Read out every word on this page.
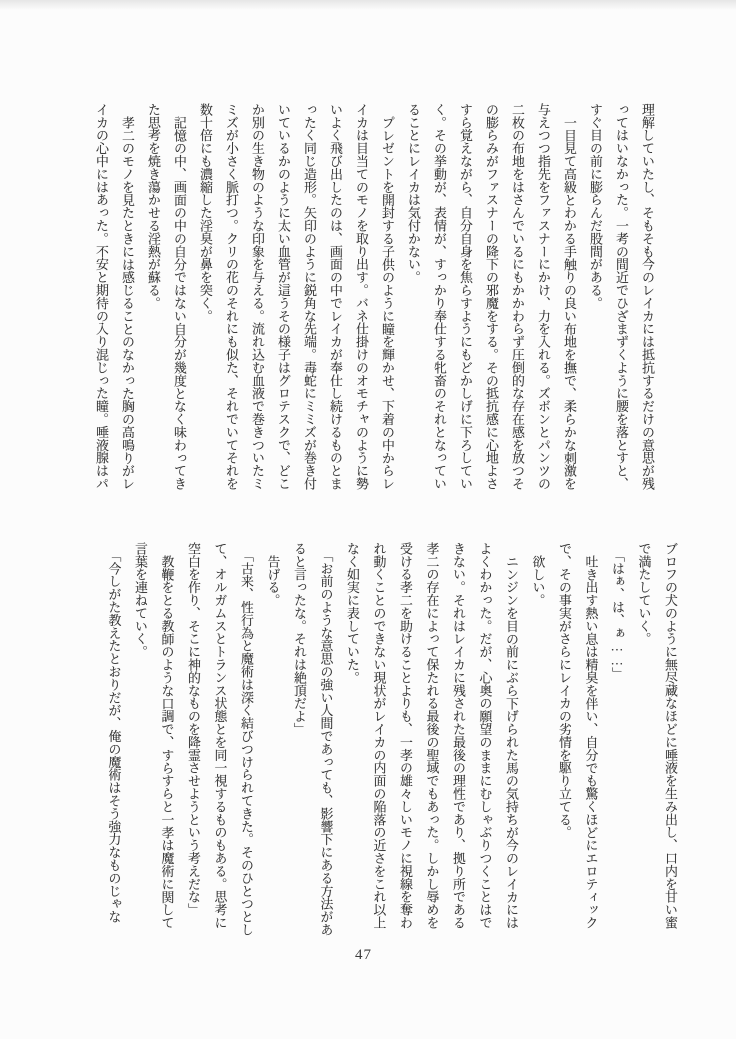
理解していたし、そもそも今のレイカには抵抗するだけの意思が残
ってはいなかった。一考の間近でひざまずくように腰を落とすと、
すぐ目の前に膨らんだ股間がある。
一目見て高級とわかる手触りの良い布地を撫で、柔らかな刺激を
与えつつ指先をファスナーにかけ、力を入れる。ズボンとパンツの
二枚の布地をはさんでいるにもかかわらず圧倒的な存在感を放つそ
の膨らみがファスナーの降下の邪魔をする。その抵抗感に心地よさ
すら覚えながら、自分自身を焦らすようにもどかしげに下ろしてい
く。その挙動が、表情が、すっかり奉仕する牝畜のそれとなってい
ることにレイカは気付かない。
プレゼントを開封する子供のように瞳を輝かせ、下着の中からレ
イカは目当てのモノを取り出す。バネ仕掛けのオモチャのように勢
いよく飛び出したのは、画面の中でレイカが奉仕し続けるものとま
ったく同じ造形。矢印のように鋭角な先端。毒蛇にミミズが巻き付
いているかのように太い血管が這うその様子はグロテスクで、どこ
か別の生き物のような印象を与える。流れ込む血液で巻きついたミ
ミズが小さく脈打つ。クリの花のそれにも似た、それでいてそれを
数十倍にも濃縮した淫臭が鼻を突く。
記憶の中、画面の中の自分ではない自分が幾度となく味わってき
た思考を焼き蕩かせる淫熱が蘇る。
孝二のモノを見たときには感じることのなかった胸の高鳴りがレ
イカの心中にはあった。不安と期待の入り混じった瞳。唾液腺はパ
ブロフの犬のように無尽蔵なほどに唾液を生み出し、口内を甘い蜜
で満たしていく。
「はぁ、は、ぁ……」
吐き出す熱い息は精臭を伴い、自分でも驚くほどにエロティック
で、その事実がさらにレイカの劣情を駆り立てる。
欲しい。
ニンジンを目の前にぶら下げられた馬の気持ちが今のレイカには
よくわかった。だが、心奥の願望のままにむしゃぶりつくことはで
きない。それはレイカに残された最後の理性であり、拠り所である
孝二の存在によって保たれる最後の聖域でもあった。しかし辱めを
受ける孝二を助けることよりも、一孝の雄々しいモノに視線を奪わ
れ動くことのできない現状がレイカの内面の陥落の近さをこれ以上
なく如実に表していた。
「お前のような意思の強い人間であっても、影響下にある方法があ
ると言ったな。それは絶頂だよ」
告げる。
「古来、性行為と魔術は深く結びつけられてきた。そのひとつとし
て、オルガムスとトランス状態とを同一視するものもある。思考に
空白を作り、そこに神的なものを降霊させようという考えだな」
教鞭をとる教師のような口調で、すらすらと一孝は魔術に関して
言葉を連ねていく。
「今しがた教えたとおりだが、俺の魔術はそう強力なものじゃな
47
